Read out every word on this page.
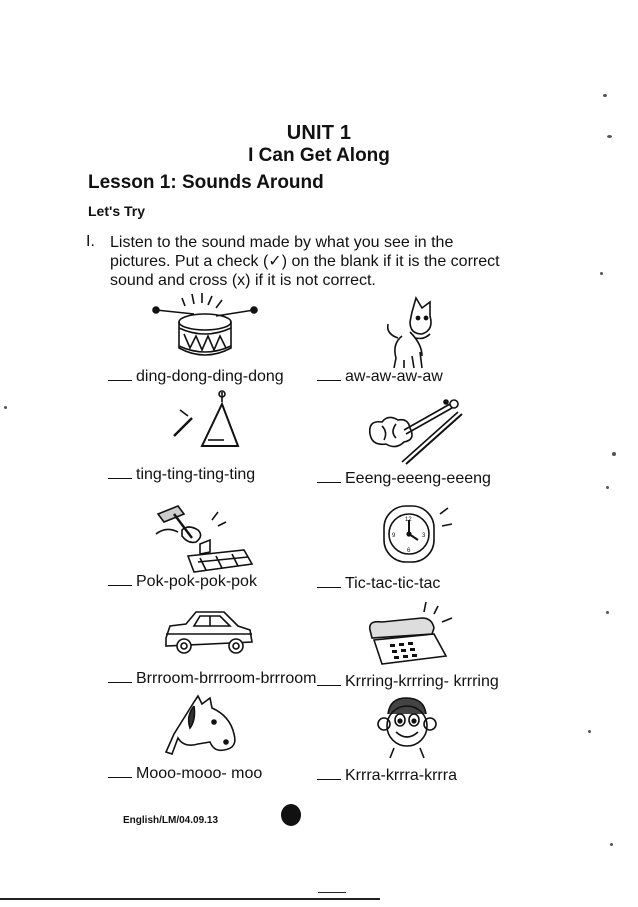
UNIT 1
I Can Get Along
Lesson 1: Sounds Around
Let's Try
I. Listen to the sound made by what you see in the pictures. Put a check (✓) on the blank if it is the correct sound and cross (x) if it is not correct.
ding-dong-ding-dong	aw-aw-aw-aw
ting-ting-ting-ting	Eeeng-eeeng-eeeng
12
9	3
6
Pok-pok-pok-pok	Tic-tac-tic-tac
Brrroom-brrroom-brrroom	Krrring-krrring- krrring
Mooo-mooo- moo	Krrra-krrra-krrra
English/LM/04.09.13
